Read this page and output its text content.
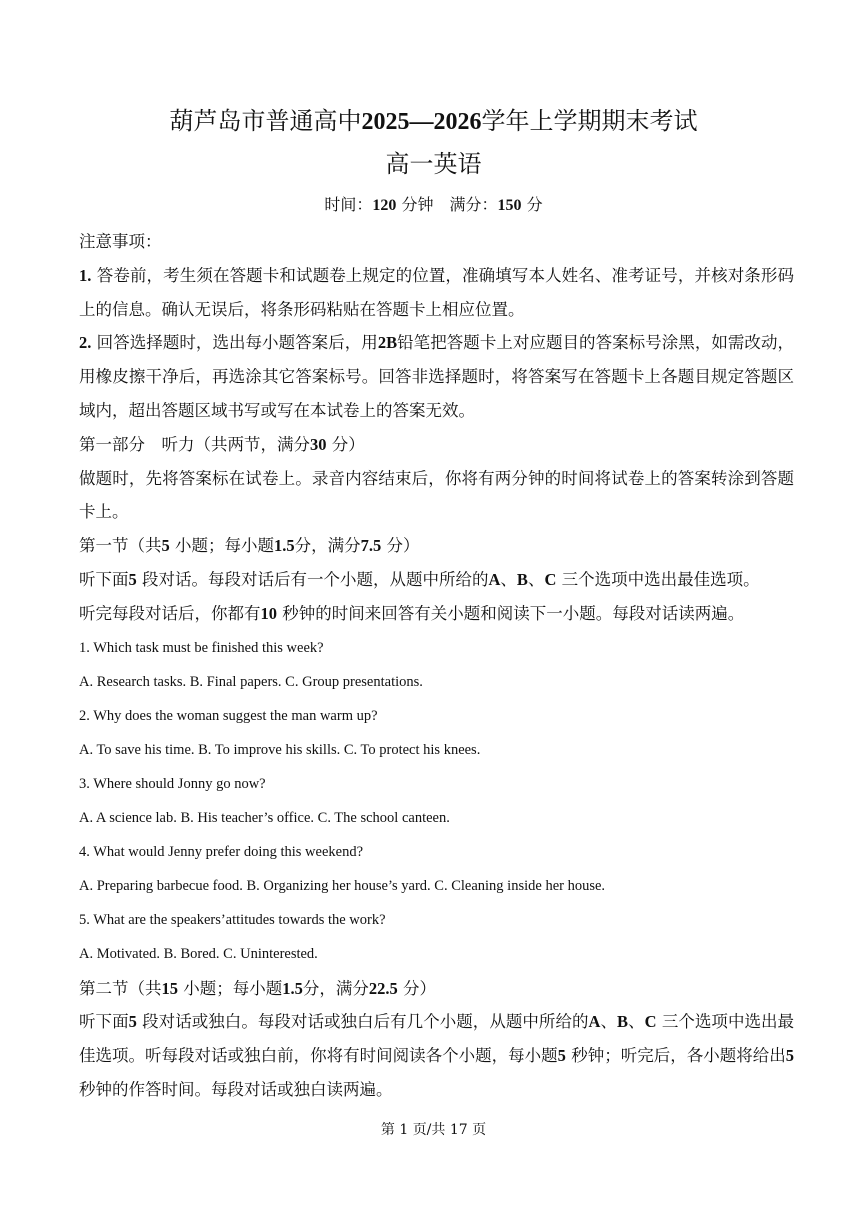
葫芦岛市普通高中2025—2026学年上学期期末考试
高一英语
时间：120 分钟　 满分：150 分
注意事项：
1. 答卷前，考生须在答题卡和试题卷上规定的位置，准确填写本人姓名、准考证号，并核对条形码上的信息。确认无误后，将条形码粘贴在答题卡上相应位置。
2. 回答选择题时，选出每小题答案后，用2B铅笔把答题卡上对应题目的答案标号涂黑，如需改动，用橡皮擦干净后，再选涂其它答案标号。回答非选择题时，将答案写在答题卡上各题目规定答题区域内，超出答题区域书写或写在本试卷上的答案无效。
第一部分　听力（共两节，满分30 分）
做题时，先将答案标在试卷上。录音内容结束后，你将有两分钟的时间将试卷上的答案转涂到答题卡上。
第一节（共5 小题；每小题1.5分，满分7.5 分）
听下面5 段对话。每段对话后有一个小题，从题中所给的A、B、C 三个选项中选出最佳选项。
听完每段对话后，你都有10 秒钟的时间来回答有关小题和阅读下一小题。每段对话读两遍。
1. Which task must be finished this week?
A. Research tasks. B. Final papers. C. Group presentations.
2. Why does the woman suggest the man warm up?
A. To save his time. B. To improve his skills. C. To protect his knees.
3. Where should Jonny go now?
A. A science lab. B. His teacher’s office. C. The school canteen.
4. What would Jenny prefer doing this weekend?
A. Preparing barbecue food. B. Organizing her house’s yard. C. Cleaning inside her house.
5. What are the speakers’attitudes towards the work?
A. Motivated. B. Bored. C. Uninterested.
第二节（共15 小题；每小题1.5分，满分22.5 分）
听下面5 段对话或独白。每段对话或独白后有几个小题，从题中所给的A、B、C 三个选项中选出最佳选项。听每段对话或独白前，你将有时间阅读各个小题，每小题5 秒钟；听完后，各小题将给出5 秒钟的作答时间。每段对话或独白读两遍。
第 1 页/共 17 页
